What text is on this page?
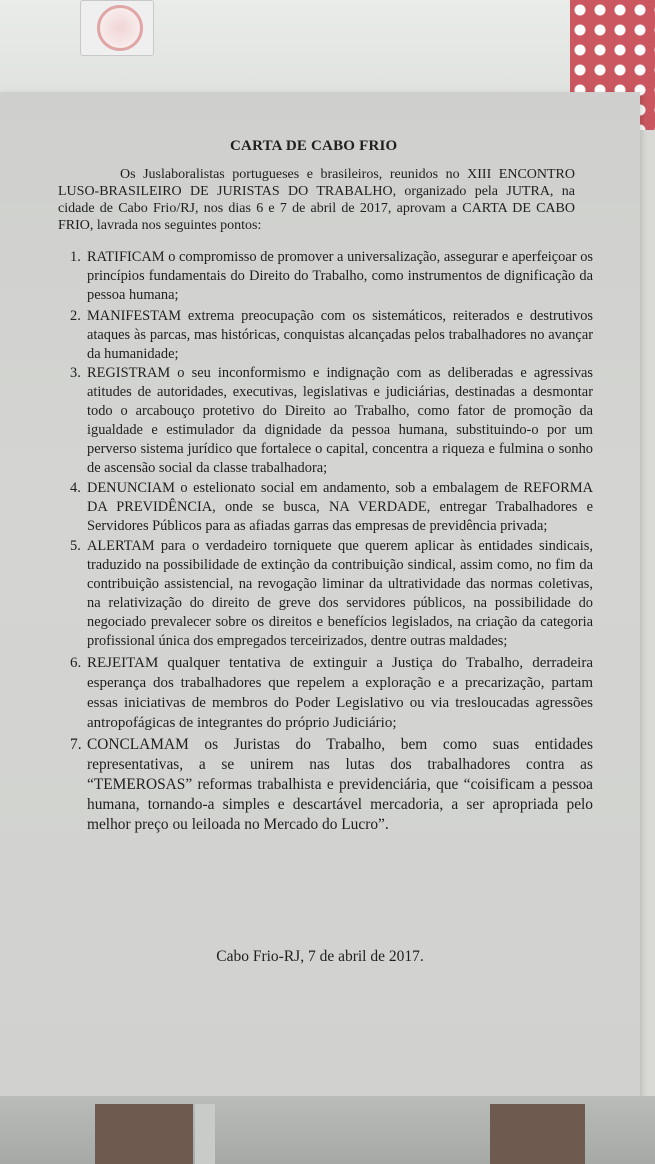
CARTA DE CABO FRIO

Os Juslaboralistas portugueses e brasileiros, reunidos no XIII ENCONTRO LUSO-BRASILEIRO DE JURISTAS DO TRABALHO, organizado pela JUTRA, na cidade de Cabo Frio/RJ, nos dias 6 e 7 de abril de 2017, aprovam a CARTA DE CABO FRIO, lavrada nos seguintes pontos:

1. RATIFICAM o compromisso de promover a universalização, assegurar e aperfeiçoar os princípios fundamentais do Direito do Trabalho, como instrumentos de dignificação da pessoa humana;
2. MANIFESTAM extrema preocupação com os sistemáticos, reiterados e destrutivos ataques às parcas, mas históricas, conquistas alcançadas pelos trabalhadores no avançar da humanidade;
3. REGISTRAM o seu inconformismo e indignação com as deliberadas e agressivas atitudes de autoridades, executivas, legislativas e judiciárias, destinadas a desmontar todo o arcabouço protetivo do Direito ao Trabalho, como fator de promoção da igualdade e estimulador da dignidade da pessoa humana, substituindo-o por um perverso sistema jurídico que fortalece o capital, concentra a riqueza e fulmina o sonho de ascensão social da classe trabalhadora;
4. DENUNCIAM o estelionato social em andamento, sob a embalagem de REFORMA DA PREVIDÊNCIA, onde se busca, NA VERDADE, entregar Trabalhadores e Servidores Públicos para as afiadas garras das empresas de previdência privada;
5. ALERTAM para o verdadeiro torniquete que querem aplicar às entidades sindicais, traduzido na possibilidade de extinção da contribuição sindical, assim como, no fim da contribuição assistencial, na revogação liminar da ultratividade das normas coletivas, na relativização do direito de greve dos servidores públicos, na possibilidade do negociado prevalecer sobre os direitos e benefícios legislados, na criação da categoria profissional única dos empregados terceirizados, dentre outras maldades;
6. REJEITAM qualquer tentativa de extinguir a Justiça do Trabalho, derradeira esperança dos trabalhadores que repelem a exploração e a precarização, partam essas iniciativas de membros do Poder Legislativo ou via tresloucadas agressões antropofágicas de integrantes do próprio Judiciário;
7. CONCLAMAM os Juristas do Trabalho, bem como suas entidades representativas, a se unirem nas lutas dos trabalhadores contra as “TEMEROSAS” reformas trabalhista e previdenciária, que “coisificam a pessoa humana, tornando-a simples e descartável mercadoria, a ser apropriada pelo melhor preço ou leiloada no Mercado do Lucro”.
Cabo Frio-RJ, 7 de abril de 2017.
